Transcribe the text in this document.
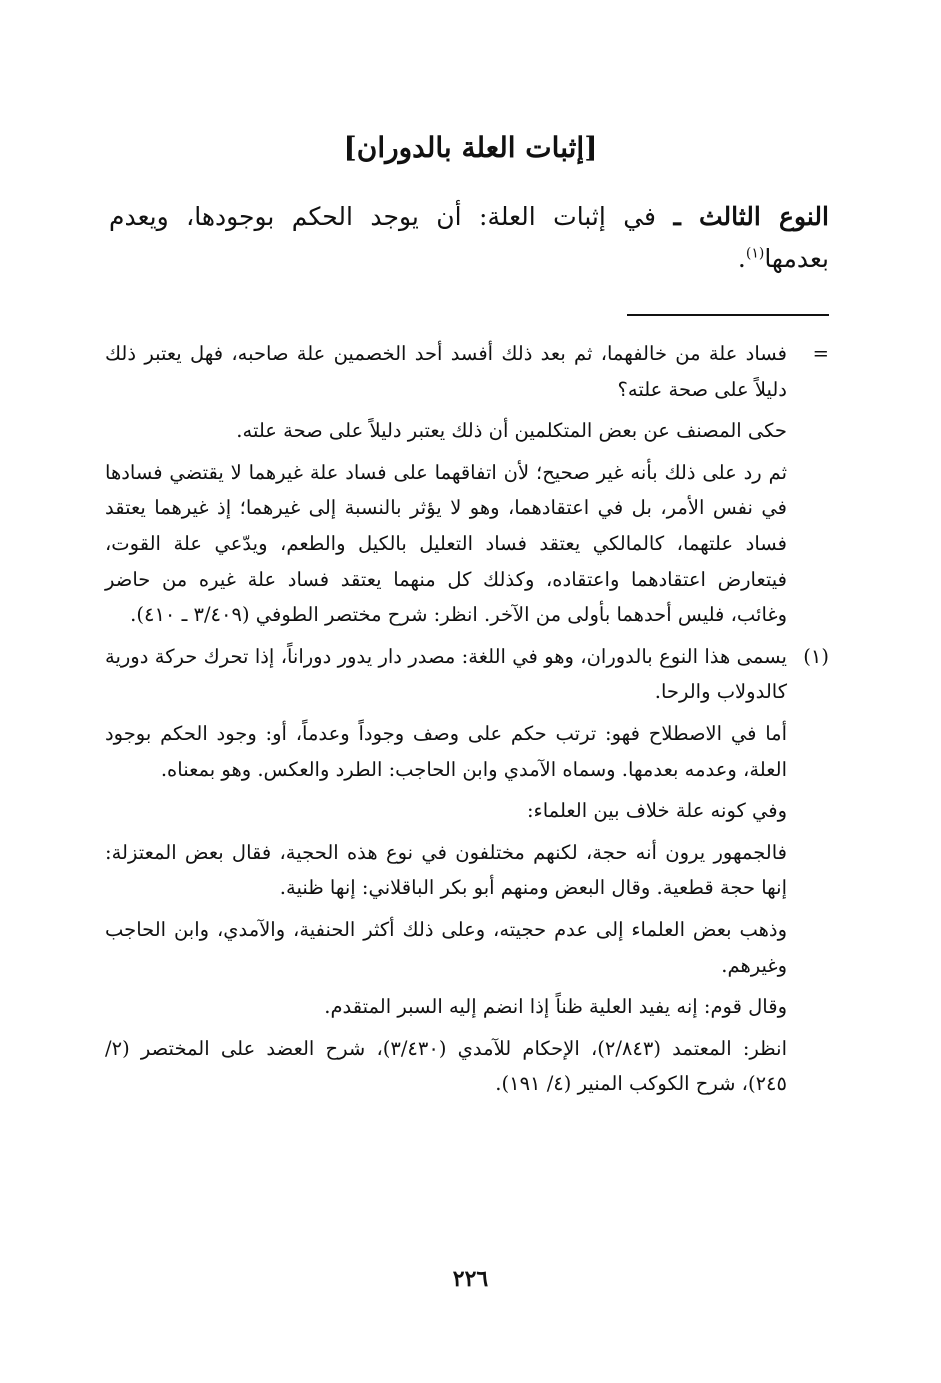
[إثبات العلة بالدوران]

النوع الثالث ـ في إثبات العلة: أن يوجد الحكم بوجودها، ويعدم بعدمها$^{(١)}$.

=

فساد علة من خالفهما، ثم بعد ذلك أفسد أحد الخصمين علة صاحبه، فهل يعتبر ذلك دليلاً على صحة علته؟

حكى المصنف عن بعض المتكلمين أن ذلك يعتبر دليلاً على صحة علته.

ثم رد على ذلك بأنه غير صحيح؛ لأن اتفاقهما على فساد علة غيرهما لا يقتضي فسادها في نفس الأمر، بل في اعتقادهما، وهو لا يؤثر بالنسبة إلى غيرهما؛ إذ غيرهما يعتقد فساد علتهما، كالمالكي يعتقد فساد التعليل بالكيل والطعم، ويدّعي علة القوت، فيتعارض اعتقادهما واعتقاده، وكذلك كل منهما يعتقد فساد علة غيره من حاضر وغائب، فليس أحدهما بأولى من الآخر. انظر: شرح مختصر الطوفي (٣/٤٠٩ ـ ٤١٠).

(١)

يسمى هذا النوع بالدوران، وهو في اللغة: مصدر دار يدور دوراناً، إذا تحرك حركة دورية كالدولاب والرحا.

أما في الاصطلاح فهو: ترتب حكم على وصف وجوداً وعدماً، أو: وجود الحكم بوجود العلة، وعدمه بعدمها. وسماه الآمدي وابن الحاجب: الطرد والعكس. وهو بمعناه.

وفي كونه علة خلاف بين العلماء:

فالجمهور يرون أنه حجة، لكنهم مختلفون في نوع هذه الحجية، فقال بعض المعتزلة: إنها حجة قطعية. وقال البعض ومنهم أبو بكر الباقلاني: إنها ظنية.

وذهب بعض العلماء إلى عدم حجيته، وعلى ذلك أكثر الحنفية، والآمدي، وابن الحاجب وغيرهم.

وقال قوم: إنه يفيد العلية ظناً إذا انضم إليه السبر المتقدم.

انظر: المعتمد (٢/٨٤٣)، الإحكام للآمدي (٣/٤٣٠)، شرح العضد على المختصر (٢/ ٢٤٥)، شرح الكوكب المنير (٤/ ١٩١).

٢٢٦
